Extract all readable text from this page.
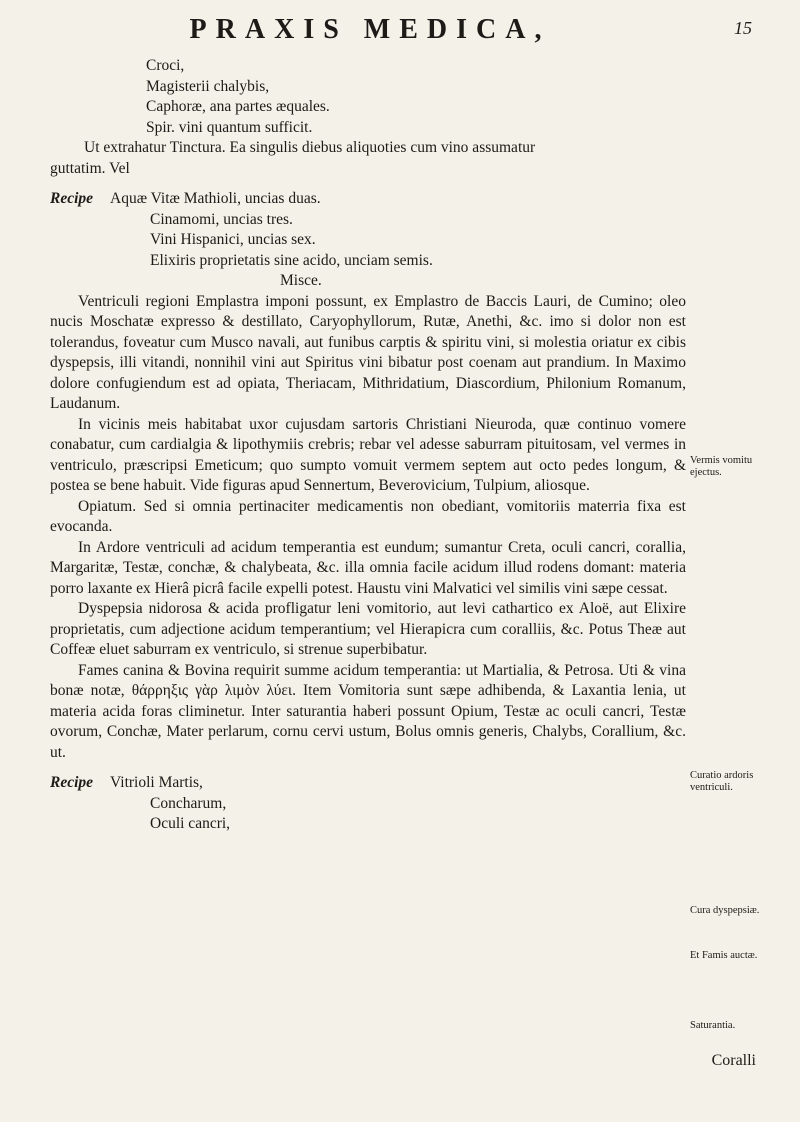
PRAXIS MEDICA,	15
Croci,
Magisterii chalybis,
Caphoræ, ana partes æquales.
Spir. vini quantum sufficit.
Ut extrahatur Tinctura. Ea singulis diebus aliquoties cum vino assumatur
guttatim. Vel
Recipe Aquæ Vitæ Mathioli, uncias duas.
Cinamomi, uncias tres.
Vini Hispanici, uncias sex.
Elixiris proprietatis sine acido, unciam semis.
Misce.
Ventriculi regioni Emplastra imponi possunt, ex Emplastro de Baccis Lauri, de Cumino; oleo nucis Moschatæ expresso & destillato, Caryophyllorum, Rutæ, Anethi, &c. imo si dolor non est tolerandus, foveatur cum Musco navali, aut funibus carptis & spiritu vini, si molestia oriatur ex cibis dyspepsis, illi vitandi, nonnihil vini aut Spiritus vini bibatur post coenam aut prandium. In Maximo dolore confugiendum est ad opiata, Theriacam, Mithridatium, Diascordium, Philonium Romanum, Laudanum.
In vicinis meis habitabat uxor cujusdam sartoris Christiani Nieuroda, quæ continuo vomere conabatur, cum cardialgia & lipothymiis crebris; rebar vel adesse saburram pituitosam, vel vermes in ventriculo, præscripsi Emeticum; quo sumpto vomuit vermem septem aut octo pedes longum, & postea se bene habuit. Vide figuras apud Sennertum, Beverovicium, Tulpium, aliosque.
Opiatum. Sed si omnia pertinaciter medicamentis non obediant, vomitoriis materria fixa est evocanda.
In Ardore ventriculi ad acidum temperantia est eundum; sumantur Creta, oculi cancri, corallia, Margaritæ, Testæ, conchæ, & chalybeata, &c. illa omnia facile acidum illud rodens domant: materia porro laxante ex Hierâ picrâ facile expelli potest. Haustu vini Malvatici vel similis vini sæpe cessat.
Dyspepsia nidorosa & acida profligatur leni vomitorio, aut levi cathartico ex Aloë, aut Elixire proprietatis, cum adjectione acidum temperantium; vel Hierapicra cum coralliis, &c. Potus Theæ aut Coffeæ eluet saburram ex ventriculo, si strenue superbibatur.
Fames canina & Bovina requirit summe acidum temperantia: ut Martialia, & Petrosa. Uti & vina bonæ notæ, θάρρηξις γὰρ λιμὸν λύει. Item Vomitoria sunt sæpe adhibenda, & Laxantia lenia, ut materia acida foras climinetur. Inter saturantia haberi possunt Opium, Testæ ac oculi cancri, Testæ ovorum, Conchæ, Mater perlarum, cornu cervi ustum, Bolus omnis generis, Chalybs, Corallium, &c. ut.
Recipe Vitrioli Martis,
Concharum,
Oculi cancri,
Vermis vomitu ejectus.
Curatio ardoris ventriculi.
Cura dyspepsiæ.
Et Famis auctæ.
Saturantia.
Coralli
